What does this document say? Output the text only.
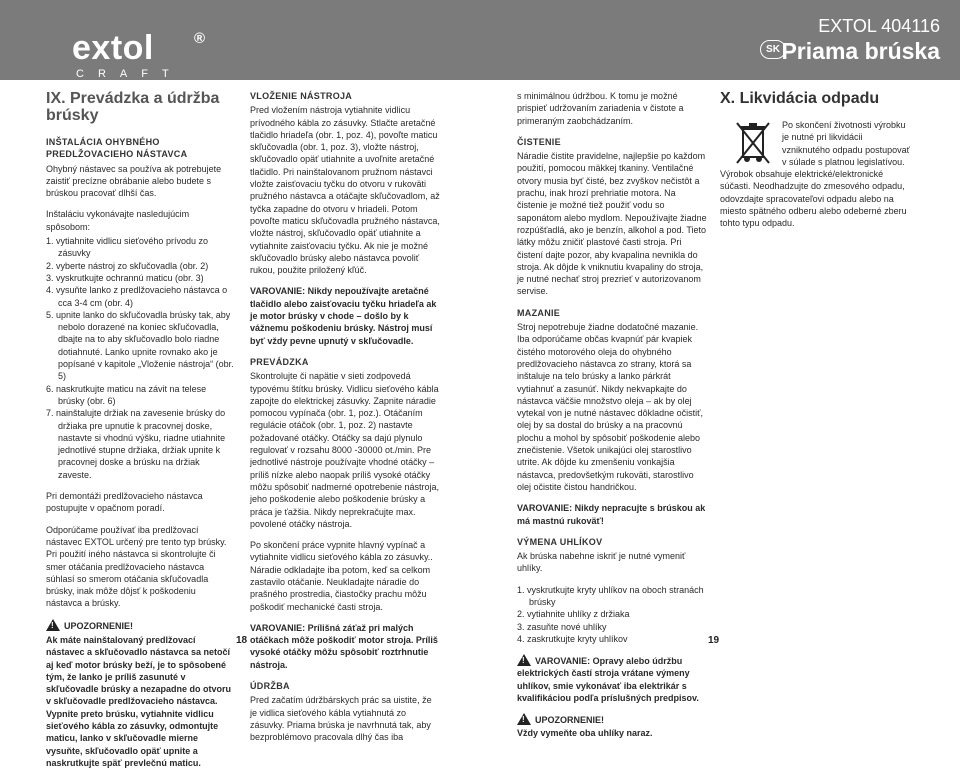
extol	®
CRAFT
SK
EXTOL 404116
Priama brúska
IX. Prevádzka a údržba brúsky
INŠTALÁCIA OHYBNÉHO PREDLŽOVACIEHO NÁSTAVCA

Ohybný nástavec sa používa ak potrebujete zaistiť precízne obrábanie alebo budete s brúskou pracovať dlhší čas.

Inštaláciu vykonávajte nasledujúcim spôsobom:

1. vytiahnite vidlicu sieťového prívodu zo zásuvky
2. vyberte nástroj zo skľučovadla (obr. 2)
3. vyskrutkujte ochrannú maticu (obr. 3)
4. vysuňte lanko z predlžovacieho nástavca o cca 3-4 cm (obr. 4)
5. upnite lanko do skľučovadla brúsky tak, aby nebolo dorazené na koniec skľučovadla, dbajte na to aby skľučovadlo bolo riadne dotiahnuté. Lanko upnite rovnako ako je popísané v kapitole „Vloženie nástroja“ (obr. 5)
6. naskrutkujte maticu na závit na telese brúsky (obr. 6)
7. nainštalujte držiak na zavesenie brúsky do držiaka pre upnutie k pracovnej doske, nastavte si vhodnú výšku, riadne utiahnite jednotlivé stupne držiaka, držiak upnite k pracovnej doske a brúsku na držiak zaveste.

Pri demontáži predlžovacieho nástavca postupujte v opačnom poradí.

Odporúčame používať iba predlžovací nástavec EXTOL určený pre tento typ brúsky. Pri použití iného nástavca si skontrolujte či smer otáčania predlžovacieho nástavca súhlasí so smerom otáčania skľučovadla brúsky, inak môže dôjsť k poškodeniu nástavca a brúsky.

!UPOZORNENIE!

Ak máte nainštalovaný predlžovací nástavec a skľučovadlo nástavca sa netočí aj keď motor brúsky beží, je to spôsobené tým, že lanko je príliš zasunuté v skľučovadle brúsky a nezapadne do otvoru v skľučovadle predlžovacieho nástavca. Vypnite preto brúsku, vytiahnite vidlicu sieťového kábla zo zásuvky, odmontujte maticu, lanko v skľučovadle mierne vysuňte, skľučovadlo opäť upnite a naskrutkujte späť prevlečnú maticu.

VLOŽENIE NÁSTROJA

Pred vložením nástroja vytiahnite vidlicu prívodného kábla zo zásuvky. Stlačte aretačné tlačidlo hriadeľa (obr. 1, poz. 4), povoľte maticu skľučovadla (obr. 1, poz. 3), vložte nástroj, skľučovadlo opäť utiahnite a uvoľnite aretačné tlačidlo. Pri nainštalovanom pružnom nástavci vložte zaisťovaciu tyčku do otvoru v rukoväti pružného nástavca a otáčajte skľučovadlom, až tyčka zapadne do otvoru v hriadeli. Potom povoľte maticu skľučovadla pružného nástavca, vložte nástroj, skľučovadlo opäť utiahnite a vytiahnite zaisťovaciu tyčku. Ak nie je možné skľučovadlo brúsky alebo nástavca povoliť rukou, použite priložený kľúč.

VAROVANIE: Nikdy nepoužívajte aretačné tlačidlo alebo zaisťovaciu tyčku hriadeľa ak je motor brúsky v chode – došlo by k vážnemu poškodeniu brúsky. Nástroj musí byť vždy pevne upnutý v skľučovadle.

PREVÁDZKA

Skontrolujte či napätie v sieti zodpovedá typovému štítku brúsky. Vidlicu sieťového kábla zapojte do elektrickej zásuvky. Zapnite náradie pomocou vypínača (obr. 1, poz.). Otáčaním regulácie otáčok (obr. 1, poz. 2) nastavte požadované otáčky. Otáčky sa dajú plynulo regulovať v rozsahu 8000 -30000 ot./min. Pre jednotlivé nástroje používajte vhodné otáčky – príliš nízke alebo naopak príliš vysoké otáčky môžu spôsobiť nadmerné opotrebenie nástroja, jeho poškodenie alebo poškodenie brúsky a práca je ťažšia. Nikdy neprekračujte max. povolené otáčky nástroja.

Po skončení práce vypnite hlavný vypínač a vytiahnite vidlicu sieťového kábla zo zásuvky..

Náradie odkladajte iba potom, keď sa celkom zastavilo otáčanie. Neukladajte náradie do prašného prostredia, čiastočky prachu môžu poškodiť mechanické časti stroja.

VAROVANIE: Prílišná záťaž pri malých otáčkach môže poškodiť motor stroja. Príliš vysoké otáčky môžu spôsobiť roztrhnutie nástroja.

ÚDRŽBA

Pred začatím údržbárskych prác sa uistite, že je vidlica sieťového kábla vytiahnutá zo zásuvky. Priama brúska je navrhnutá tak, aby bezproblémovo pracovala dlhý čas iba

s minimálnou údržbou. K tomu je možné prispieť udržovaním zariadenia v čistote a primeraným zaobchádzaním.

ČISTENIE

Náradie čistite pravidelne, najlepšie po každom použití, pomocou mäkkej tkaniny. Ventilačné otvory musia byť čisté, bez zvyškov nečistôt a prachu, inak hrozí prehriatie motora. Na čistenie je možné tiež použiť vodu so saponátom alebo mydlom. Nepoužívajte žiadne rozpúšťadlá, ako je benzín, alkohol a pod. Tieto látky môžu zničiť plastové časti stroja. Pri čistení dajte pozor, aby kvapalina nevnikla do stroja. Ak dôjde k vniknutiu kvapaliny do stroja, je nutné nechať stroj prezrieť v autorizovanom servise.

MAZANIE

Stroj nepotrebuje žiadne dodatočné mazanie. Iba odporúčame občas kvapnúť pár kvapiek čistého motorového oleja do ohybného predlžovacieho nástavca zo strany, ktorá sa inštaluje na telo brúsky a lanko párkrát vytiahnuť a zasunúť. Nikdy nekvapkajte do nástavca väčšie množstvo oleja – ak by olej vytekal von je nutné nástavec dôkladne očistiť, olej by sa dostal do brúsky a na pracovnú plochu a mohol by spôsobiť poškodenie alebo znečistenie. Všetok unikajúci olej starostlivo utrite. Ak dôjde ku zmenšeniu vonkajšia nástavca, predovšetkým rukoväti, starostlivo olej očistite čistou handričkou.

VAROVANIE: Nikdy nepracujte s brúskou ak má mastnú rukoväť!

VÝMENA UHLÍKOV

Ak brúska nabehne iskriť je nutné vymeniť uhlíky.

1. vyskrutkujte kryty uhlíkov na oboch stranách brúsky
2. vytiahnite uhlíky z držiaka
3. zasuňte nové uhlíky
4. zaskrutkujte kryty uhlíkov

!VAROVANIE: Opravy alebo údržbu elektrických častí stroja vrátane výmeny uhlíkov, smie vykonávať iba elektrikár s kvalifikáciou podľa príslušných predpisov.

!UPOZORNENIE!

Vždy vymeňte oba uhlíky naraz.

X. Likvidácia odpadu

Po skončení životnosti výrobku je nutné pri likvidácii vzniknutého odpadu postupovať v súlade s platnou legislatívou. Výrobok obsahuje elektrické/elektronické súčasti. Neodhadzujte do zmesového odpadu, odovzdajte spracovateľovi odpadu alebo na miesto spätného odberu alebo odeberné zberu tohto typu odpadu.

18	19
